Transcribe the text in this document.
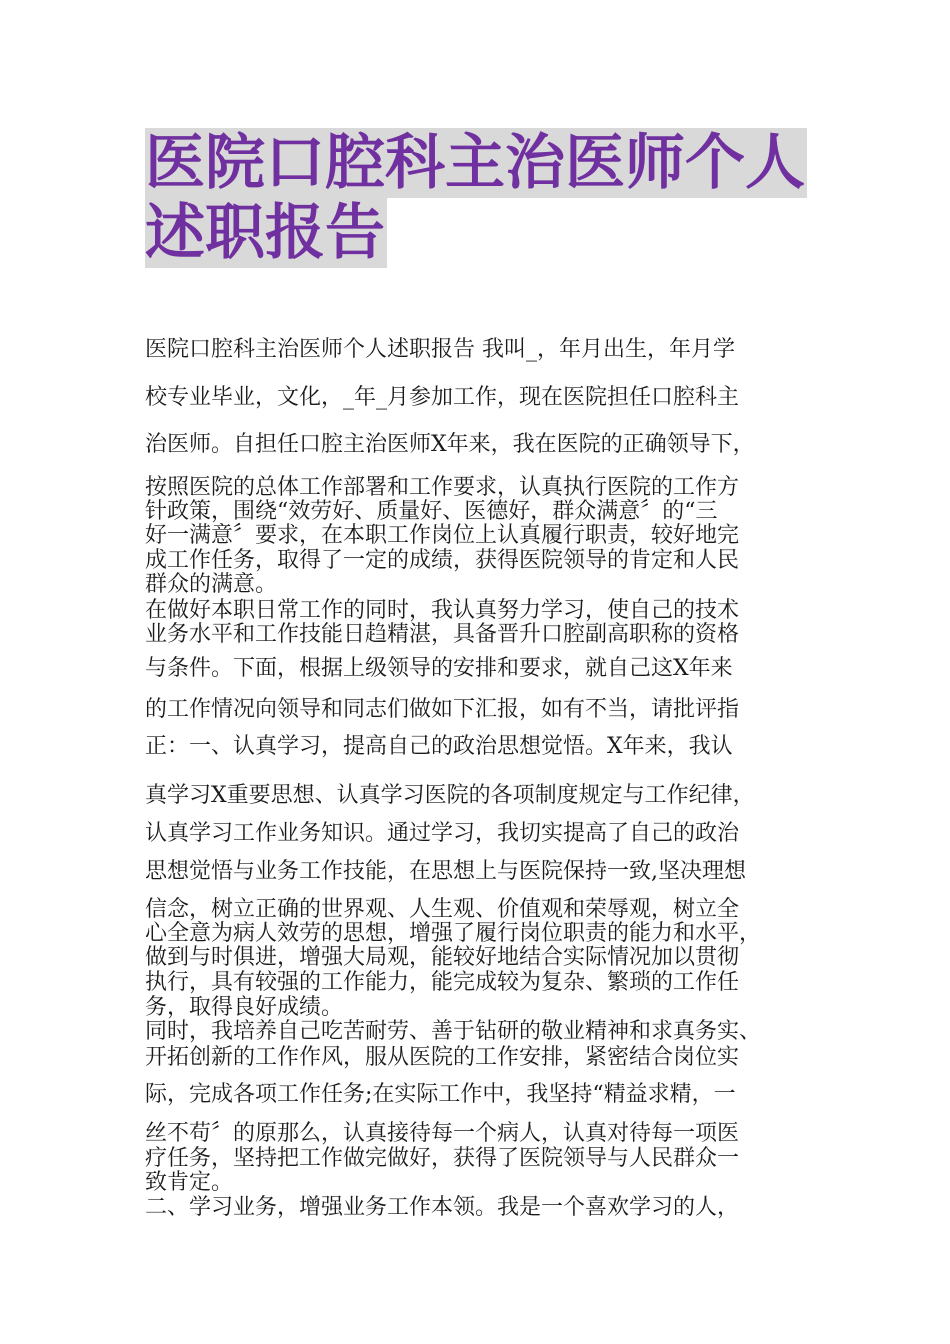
医院口腔科主治医师个人
述职报告
医院口腔科主治医师个人述职报告 我叫_，年月出生，年月学
校专业毕业，文化，_年_月参加工作，现在医院担任口腔科主
治医师。自担任口腔主治医师X年来，我在医院的正确领导下，
按照医院的总体工作部署和工作要求，认真执行医院的工作方
针政策，围绕“效劳好、质量好、医德好，群众满意〞的“三
好一满意〞要求，在本职工作岗位上认真履行职责，较好地完
成工作任务，取得了一定的成绩，获得医院领导的肯定和人民
群众的满意。
在做好本职日常工作的同时，我认真努力学习，使自己的技术
业务水平和工作技能日趋精湛，具备晋升口腔副高职称的资格
与条件。下面，根据上级领导的安排和要求，就自己这X年来
的工作情况向领导和同志们做如下汇报，如有不当，请批评指
正：一、认真学习，提高自己的政治思想觉悟。X年来，我认
真学习X重要思想、认真学习医院的各项制度规定与工作纪律，
认真学习工作业务知识。通过学习，我切实提高了自己的政治
思想觉悟与业务工作技能，在思想上与医院保持一致,坚决理想
信念，树立正确的世界观、人生观、价值观和荣辱观，树立全
心全意为病人效劳的思想，增强了履行岗位职责的能力和水平，
做到与时俱进，增强大局观，能较好地结合实际情况加以贯彻
执行，具有较强的工作能力，能完成较为复杂、繁琐的工作任
务，取得良好成绩。
同时，我培养自己吃苦耐劳、善于钻研的敬业精神和求真务实、
开拓创新的工作作风，服从医院的工作安排，紧密结合岗位实
际，完成各项工作任务;在实际工作中，我坚持“精益求精，一
丝不苟〞的原那么，认真接待每一个病人，认真对待每一项医
疗任务，坚持把工作做完做好，获得了医院领导与人民群众一
致肯定。
二、学习业务，增强业务工作本领。我是一个喜欢学习的人，
